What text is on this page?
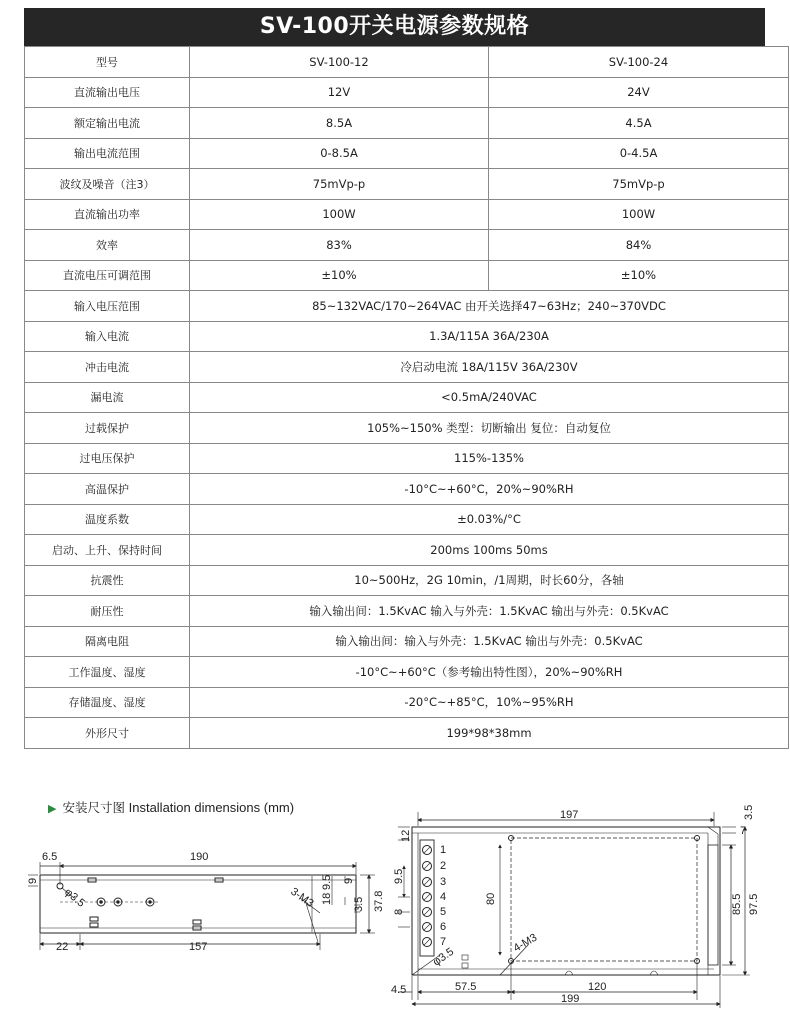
SV-100开关电源参数规格
型号	SV-100-12	SV-100-24
直流输出电压	12V	24V
额定输出电流	8.5A	4.5A
输出电流范围	0-8.5A	0-4.5A
波纹及噪音（注3）	75mVp-p	75mVp-p
直流输出功率	100W	100W
效率	83%	84%
直流电压可调范围	±10%	±10%
输入电压范围	85~132VAC/170~264VAC 由开关选择47~63Hz；240~370VDC	
输入电流	1.3A/115A 36A/230A	
冲击电流	冷启动电流 18A/115V 36A/230V	
漏电流	<0.5mA/240VAC	
过载保护	105%~150% 类型：切断输出 复位：自动复位	
过电压保护	115%-135%	
高温保护	-10°C~+60°C，20%~90%RH	
温度系数	±0.03%/°C	
启动、上升、保持时间	200ms 100ms 50ms	
抗震性	10~500Hz，2G 10min，/1周期，时长60分，各轴	
耐压性	输入输出间：1.5KvAC 输入与外壳：1.5KvAC 输出与外壳：0.5KvAC	
隔离电阻	输入输出间：输入与外壳：1.5KvAC 输出与外壳：0.5KvAC	
工作温度、湿度	-10°C~+60°C（参考输出特性图），20%~90%RH	
存储温度、湿度	-20°C~+85°C，10%~95%RH	
外形尺寸	199*98*38mm	
▶ 安装尺寸图 Installation dimensions (mm)
6.5	190
9
φ3.5	3-M3
9.5
18
9
3.5 37.8
22	157
197	3.5
7
12
9.5
8
80	85.5 97.5
4-M3
φ3.5
4.5	57.5	120
199
1
2
3
4
5
6
7
